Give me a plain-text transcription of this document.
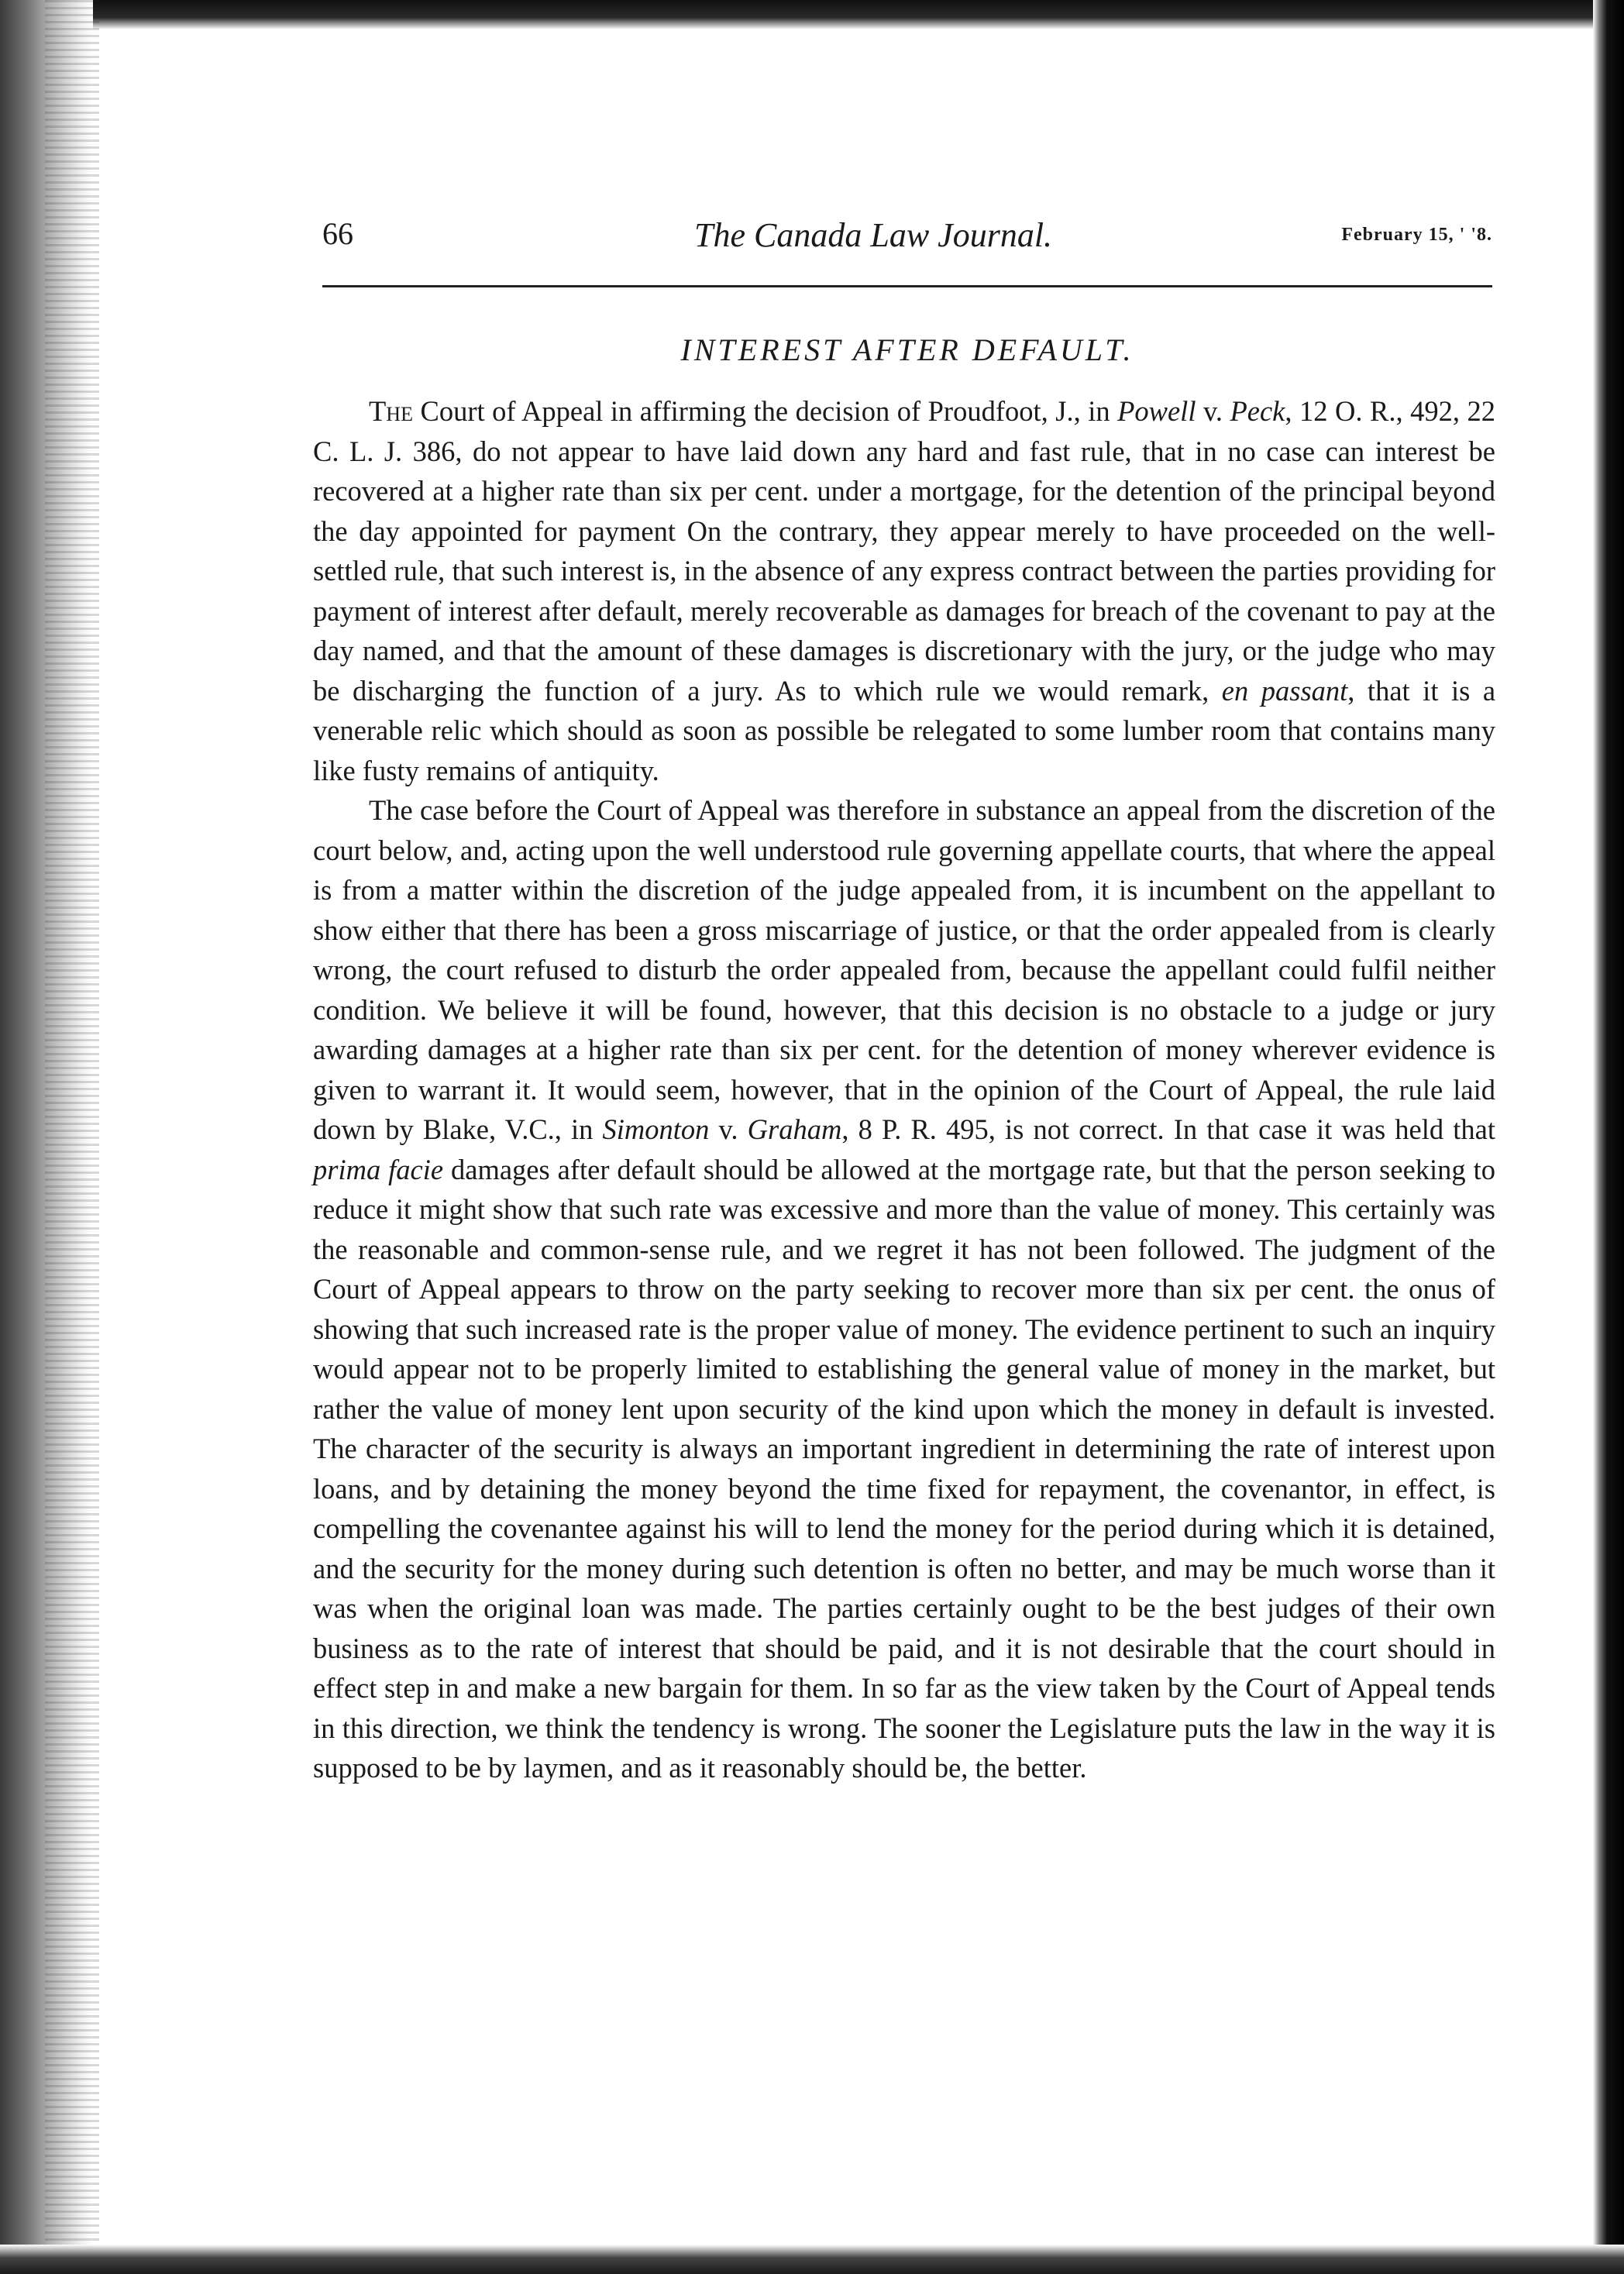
66	The Canada Law Journal.	February 15, ' '8.
INTEREST AFTER DEFAULT.

The Court of Appeal in affirming the decision of Proudfoot, J., in Powell v. Peck, 12 O. R., 492, 22 C. L. J. 386, do not appear to have laid down any hard and fast rule, that in no case can interest be recovered at a higher rate than six per cent. under a mortgage, for the detention of the principal beyond the day appointed for payment On the contrary, they appear merely to have proceeded on the well-settled rule, that such interest is, in the absence of any express contract between the parties providing for payment of interest after default, merely recoverable as damages for breach of the covenant to pay at the day named, and that the amount of these damages is discretionary with the jury, or the judge who may be discharging the function of a jury. As to which rule we would remark, en passant, that it is a venerable relic which should as soon as possible be relegated to some lumber room that contains many like fusty remains of antiquity.

The case before the Court of Appeal was therefore in substance an appeal from the discretion of the court below, and, acting upon the well understood rule governing appellate courts, that where the appeal is from a matter within the discretion of the judge appealed from, it is incumbent on the appellant to show either that there has been a gross miscarriage of justice, or that the order appealed from is clearly wrong, the court refused to disturb the order appealed from, because the appellant could fulfil neither condition. We believe it will be found, however, that this decision is no obstacle to a judge or jury awarding damages at a higher rate than six per cent. for the detention of money wherever evidence is given to warrant it. It would seem, however, that in the opinion of the Court of Appeal, the rule laid down by Blake, V.C., in Simonton v. Graham, 8 P. R. 495, is not correct. In that case it was held that prima facie damages after default should be allowed at the mortgage rate, but that the person seeking to reduce it might show that such rate was excessive and more than the value of money. This certainly was the reasonable and common-sense rule, and we regret it has not been followed. The judgment of the Court of Appeal appears to throw on the party seeking to recover more than six per cent. the onus of showing that such increased rate is the proper value of money. The evidence pertinent to such an inquiry would appear not to be properly limited to establishing the general value of money in the market, but rather the value of money lent upon security of the kind upon which the money in default is invested. The character of the security is always an important ingredient in determining the rate of interest upon loans, and by detaining the money beyond the time fixed for repayment, the covenantor, in effect, is compelling the covenantee against his will to lend the money for the period during which it is detained, and the security for the money during such detention is often no better, and may be much worse than it was when the original loan was made. The parties certainly ought to be the best judges of their own business as to the rate of interest that should be paid, and it is not desirable that the court should in effect step in and make a new bargain for them. In so far as the view taken by the Court of Appeal tends in this direction, we think the tendency is wrong. The sooner the Legislature puts the law in the way it is supposed to be by laymen, and as it reasonably should be, the better.
